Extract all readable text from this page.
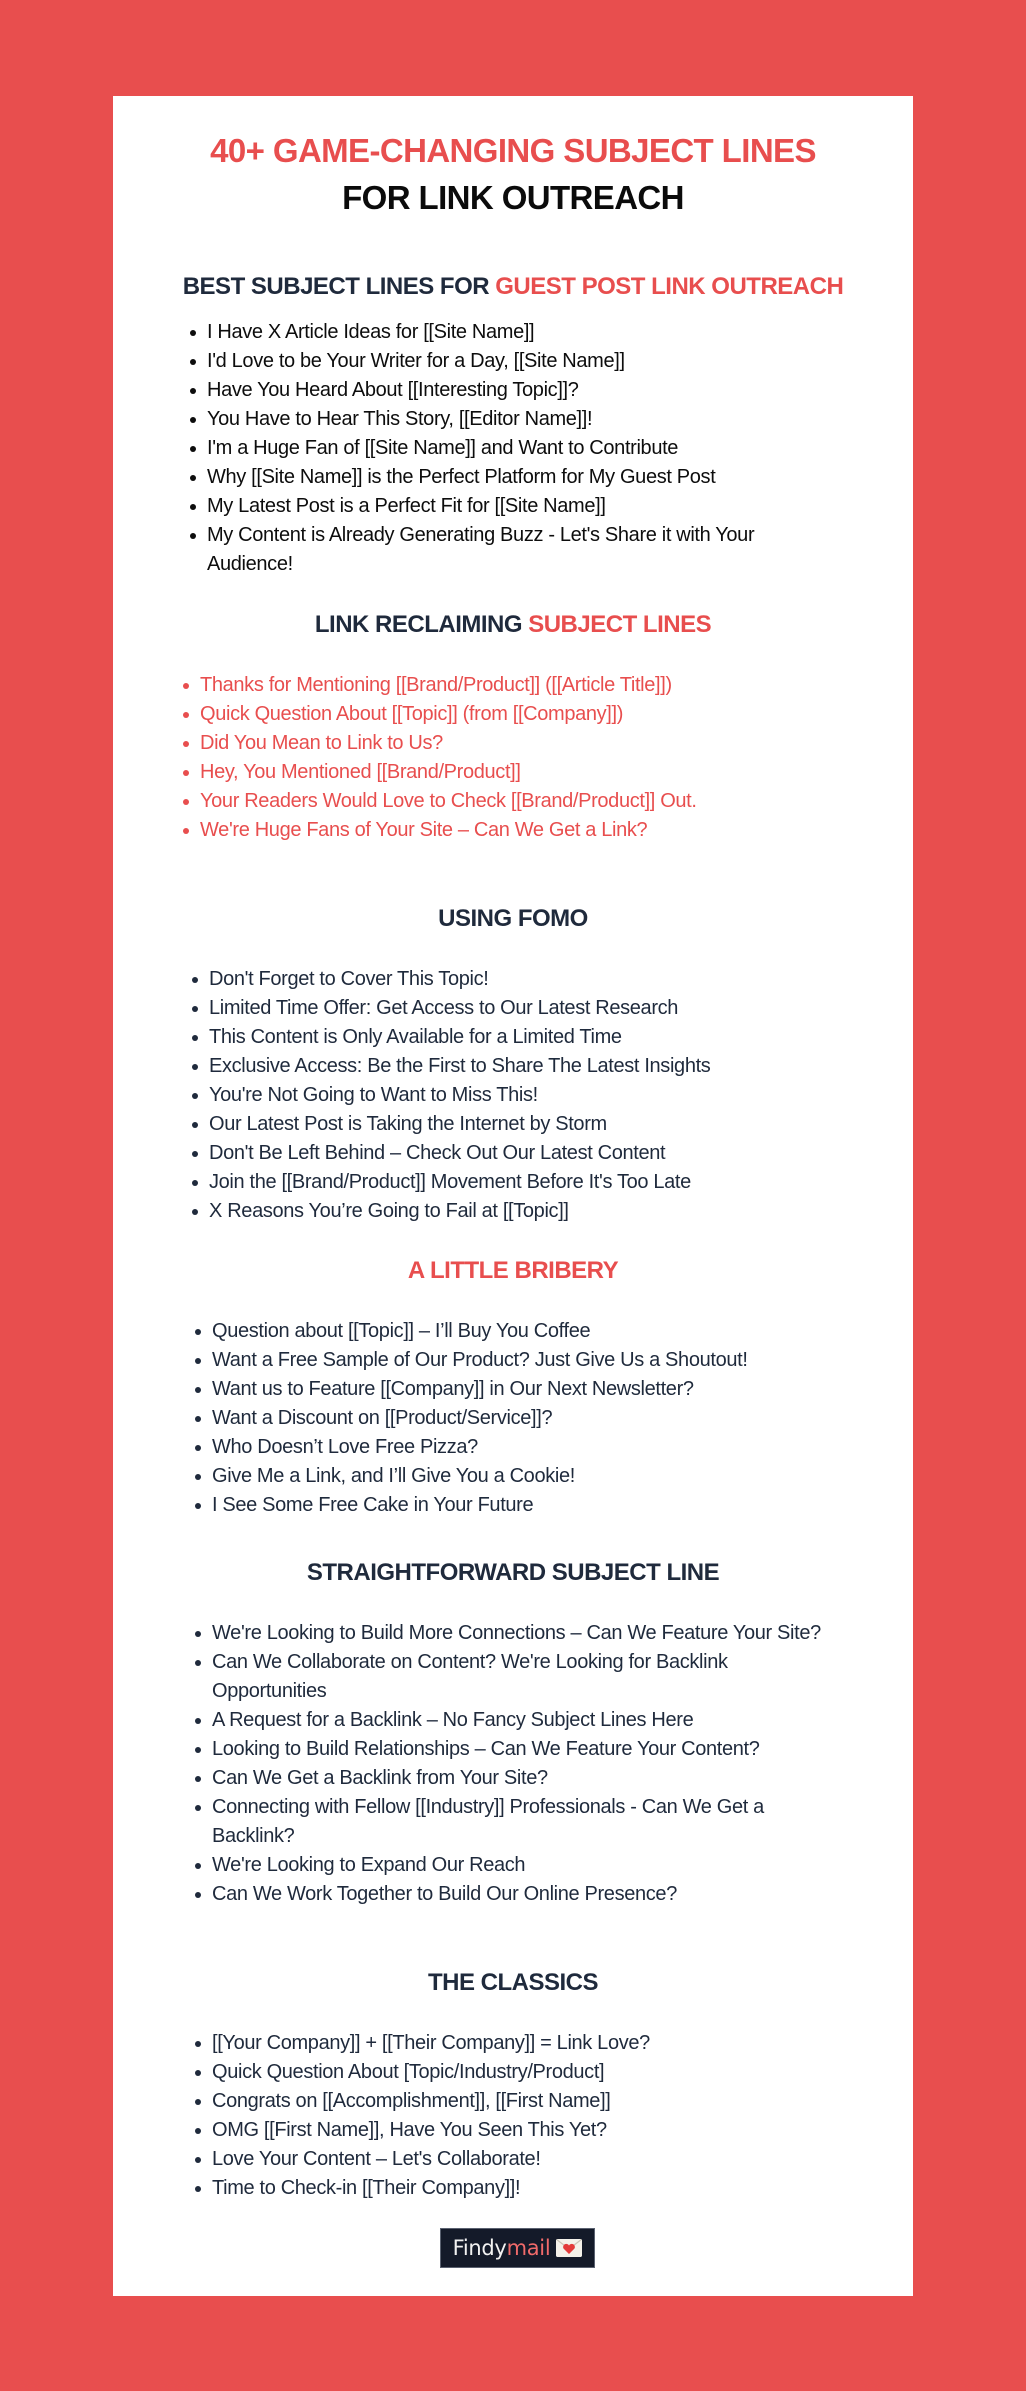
40+ GAME-CHANGING SUBJECT LINES
FOR LINK OUTREACH
BEST SUBJECT LINES FOR GUEST POST LINK OUTREACH
I Have X Article Ideas for [[Site Name]]
I'd Love to be Your Writer for a Day, [[Site Name]]
Have You Heard About [[Interesting Topic]]?
You Have to Hear This Story, [[Editor Name]]!
I'm a Huge Fan of [[Site Name]] and Want to Contribute
Why [[Site Name]] is the Perfect Platform for My Guest Post
My Latest Post is a Perfect Fit for [[Site Name]]
My Content is Already Generating Buzz - Let's Share it with Your Audience!
LINK RECLAIMING SUBJECT LINES
Thanks for Mentioning [[Brand/Product]] ([[Article Title]])
Quick Question About [[Topic]] (from [[Company]])
Did You Mean to Link to Us?
Hey, You Mentioned [[Brand/Product]]
Your Readers Would Love to Check [[Brand/Product]] Out.
We're Huge Fans of Your Site – Can We Get a Link?
USING FOMO
Don't Forget to Cover This Topic!
Limited Time Offer: Get Access to Our Latest Research
This Content is Only Available for a Limited Time
Exclusive Access: Be the First to Share The Latest Insights
You're Not Going to Want to Miss This!
Our Latest Post is Taking the Internet by Storm
Don't Be Left Behind – Check Out Our Latest Content
Join the [[Brand/Product]] Movement Before It's Too Late
X Reasons You’re Going to Fail at [[Topic]]
A LITTLE BRIBERY
Question about [[Topic]] – I’ll Buy You Coffee
Want a Free Sample of Our Product? Just Give Us a Shoutout!
Want us to Feature [[Company]] in Our Next Newsletter?
Want a Discount on [[Product/Service]]?
Who Doesn’t Love Free Pizza?
Give Me a Link, and I’ll Give You a Cookie!
I See Some Free Cake in Your Future
STRAIGHTFORWARD SUBJECT LINE
We're Looking to Build More Connections – Can We Feature Your Site?
Can We Collaborate on Content? We're Looking for Backlink Opportunities
A Request for a Backlink – No Fancy Subject Lines Here
Looking to Build Relationships – Can We Feature Your Content?
Can We Get a Backlink from Your Site?
Connecting with Fellow [[Industry]] Professionals - Can We Get a Backlink?
We're Looking to Expand Our Reach
Can We Work Together to Build Our Online Presence?
THE CLASSICS
[[Your Company]] + [[Their Company]] = Link Love?
Quick Question About [Topic/Industry/Product]
Congrats on [[Accomplishment]], [[First Name]]
OMG [[First Name]], Have You Seen This Yet?
Love Your Content – Let's Collaborate!
Time to Check-in [[Their Company]]!
Findymail
